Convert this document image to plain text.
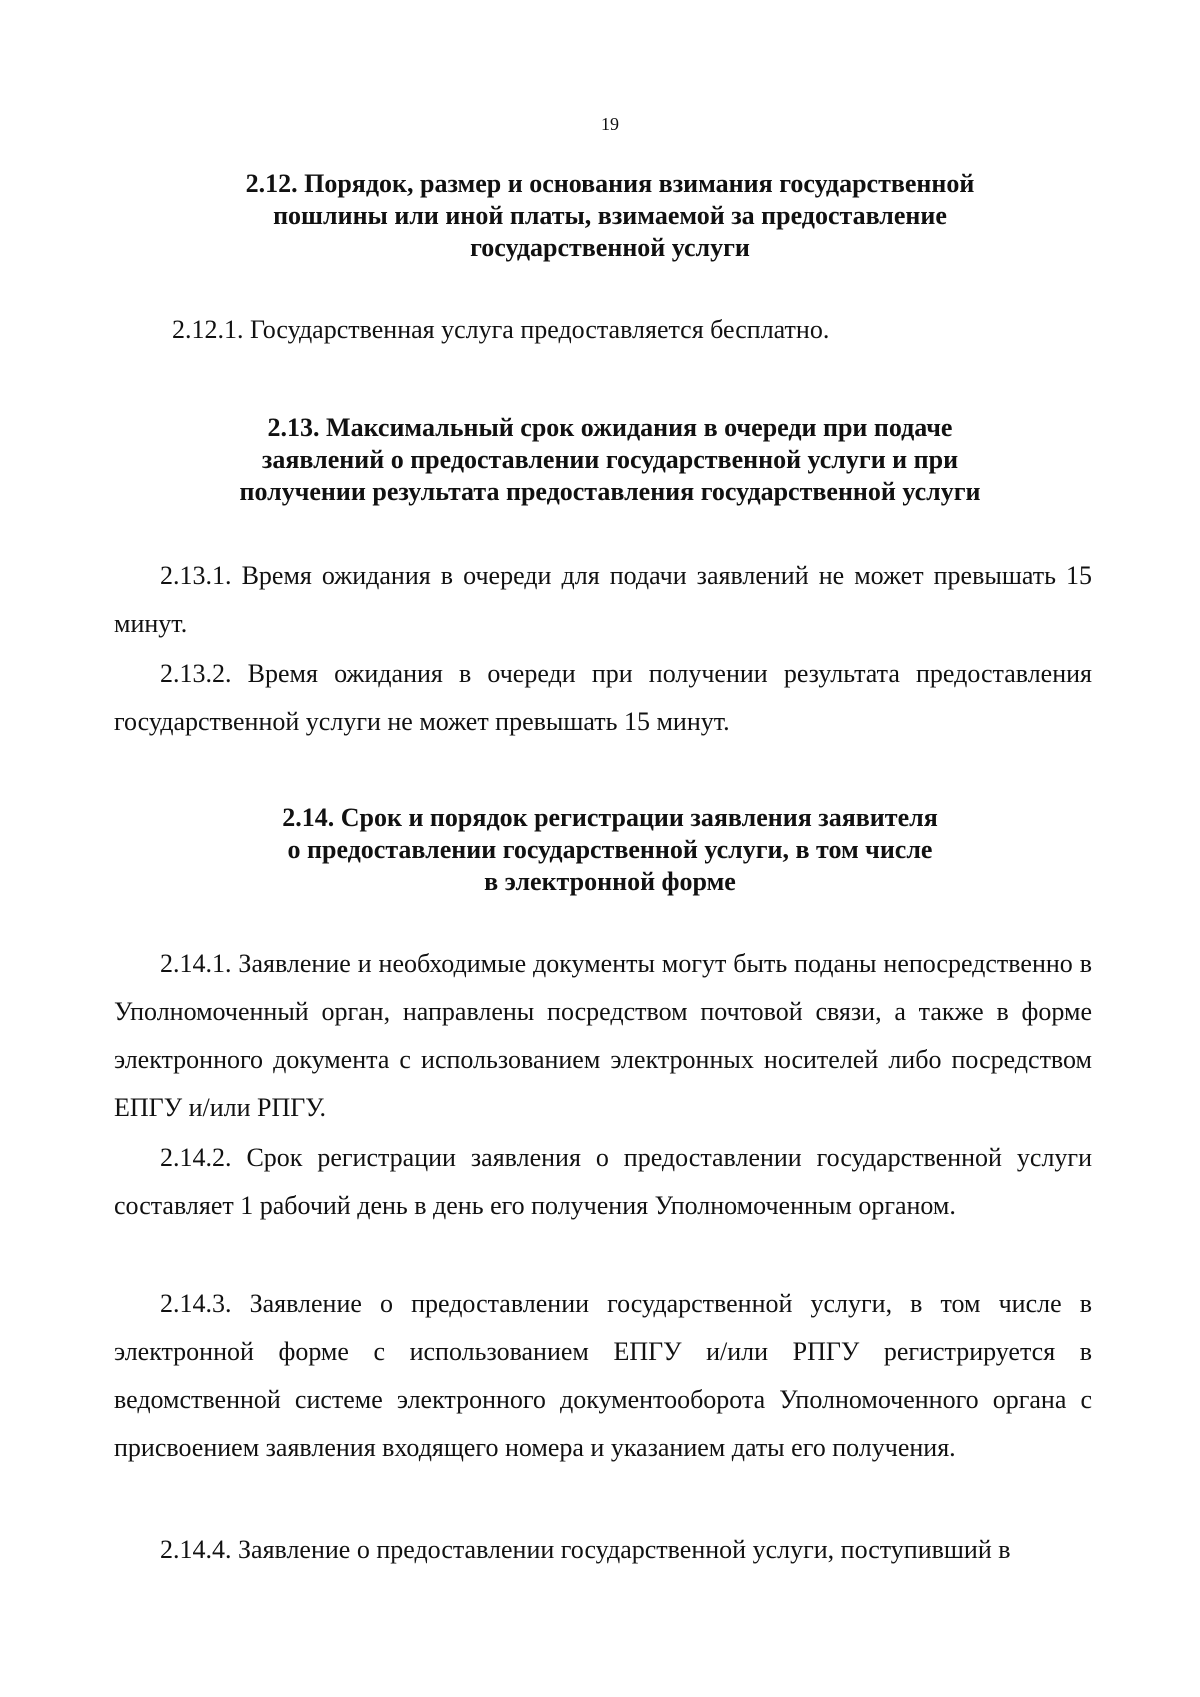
19
2.12. Порядок, размер и основания взимания государственной
пошлины или иной платы, взимаемой за предоставление
государственной услуги
2.12.1. Государственная услуга предоставляется бесплатно.
2.13. Максимальный срок ожидания в очереди при подаче
заявлений о предоставлении государственной услуги и при
получении результата предоставления государственной услуги
2.13.1. Время ожидания в очереди для подачи заявлений не может превышать 15 минут.
2.13.2. Время ожидания в очереди при получении результата предоставления государственной услуги не может превышать 15 минут.
2.14. Срок и порядок регистрации заявления заявителя
о предоставлении государственной услуги, в том числе
в электронной форме
2.14.1. Заявление и необходимые документы могут быть поданы непосредственно в Уполномоченный орган, направлены посредством почтовой связи, а также в форме электронного документа с использованием электронных носителей либо посредством ЕПГУ и/или РПГУ.
2.14.2. Срок регистрации заявления о предоставлении государственной услуги составляет 1 рабочий день в день его получения Уполномоченным органом.
2.14.3. Заявление о предоставлении государственной услуги, в том числе в электронной форме с использованием ЕПГУ и/или РПГУ регистрируется в ведомственной системе электронного документооборота Уполномоченного органа с присвоением заявления входящего номера и указанием даты его получения.
2.14.4. Заявление о предоставлении государственной услуги, поступивший в
